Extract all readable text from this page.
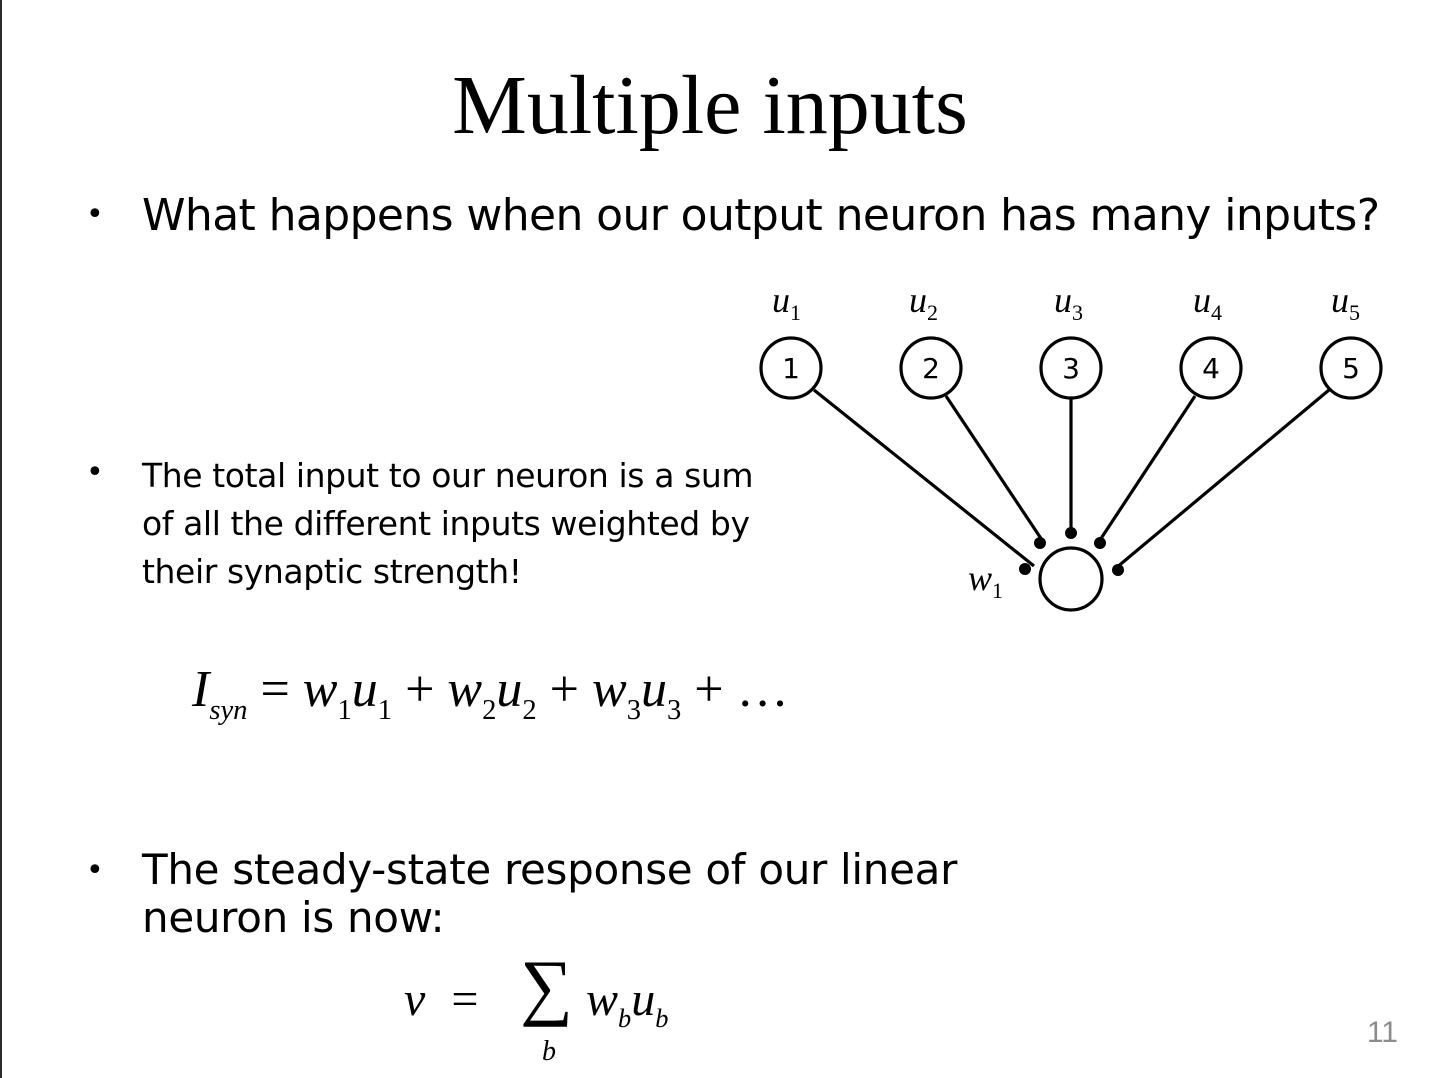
Multiple inputs
• What happens when our output neuron has many inputs?
• The total input to our neuron is a sum
of all the different inputs weighted by
their synaptic strength!
$I_{syn} = w_1u_1 + w_2u_2 + w_3u_3$ + …
• The steady-state response of our linear
neuron is now:
v = ∑ $w_bu_b$
b
1	2	3	4	5
u1	u2	u3	u4	u5
w1
11
